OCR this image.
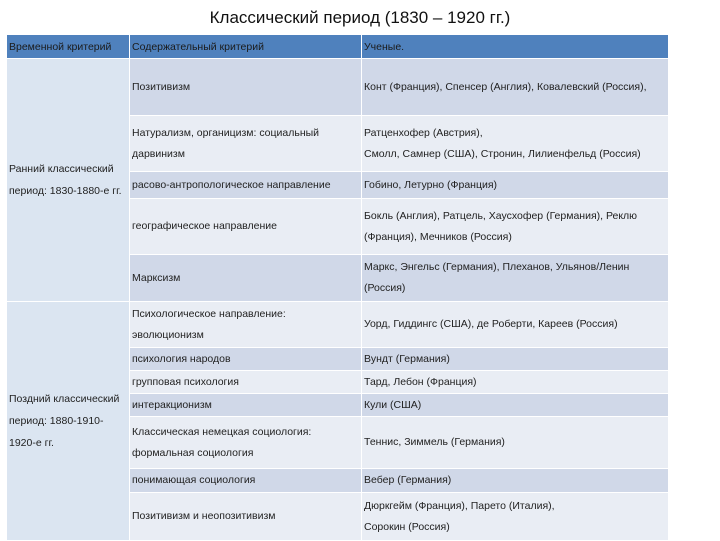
Классический период (1830 – 1920 гг.)
Временной критерий	Содержательный критерий	Ученые.

Ранний классический
период: 1830-1880-е гг.	Позитивизм	Конт (Франция), Спенсер (Англия), Ковалевский (Россия),

	Натурализм, органицизм: социальный
дарвинизм	Ратценхофер (Австрия),
Смолл, Самнер (США), Стронин, Лилиенфельд (Россия)

	расово-антропологическое направление	Гобино, Летурно (Франция)

	географическое направление	Бокль (Англия), Ратцель, Хаусхофер (Германия), Реклю
(Франция), Мечников (Россия)

	Марксизм	Маркс, Энгельс (Германия), Плеханов, Ульянов/Ленин
(Россия)

Поздний классический
период: 1880-1910-
1920-е гг.	Психологическое направление:
эволюционизм	Уорд, Гиддингс (США), де Роберти, Кареев (Россия)

	психология народов	Вундт (Германия)

	групповая психология	Тард, Лебон (Франция)

	интеракционизм	Кули (США)

	Классическая немецкая социология:
формальная социология	Теннис, Зиммель (Германия)

	понимающая социология	Вебер (Германия)

	Позитивизм и неопозитивизм	Дюркгейм (Франция), Парето (Италия),
Сорокин (Россия)
